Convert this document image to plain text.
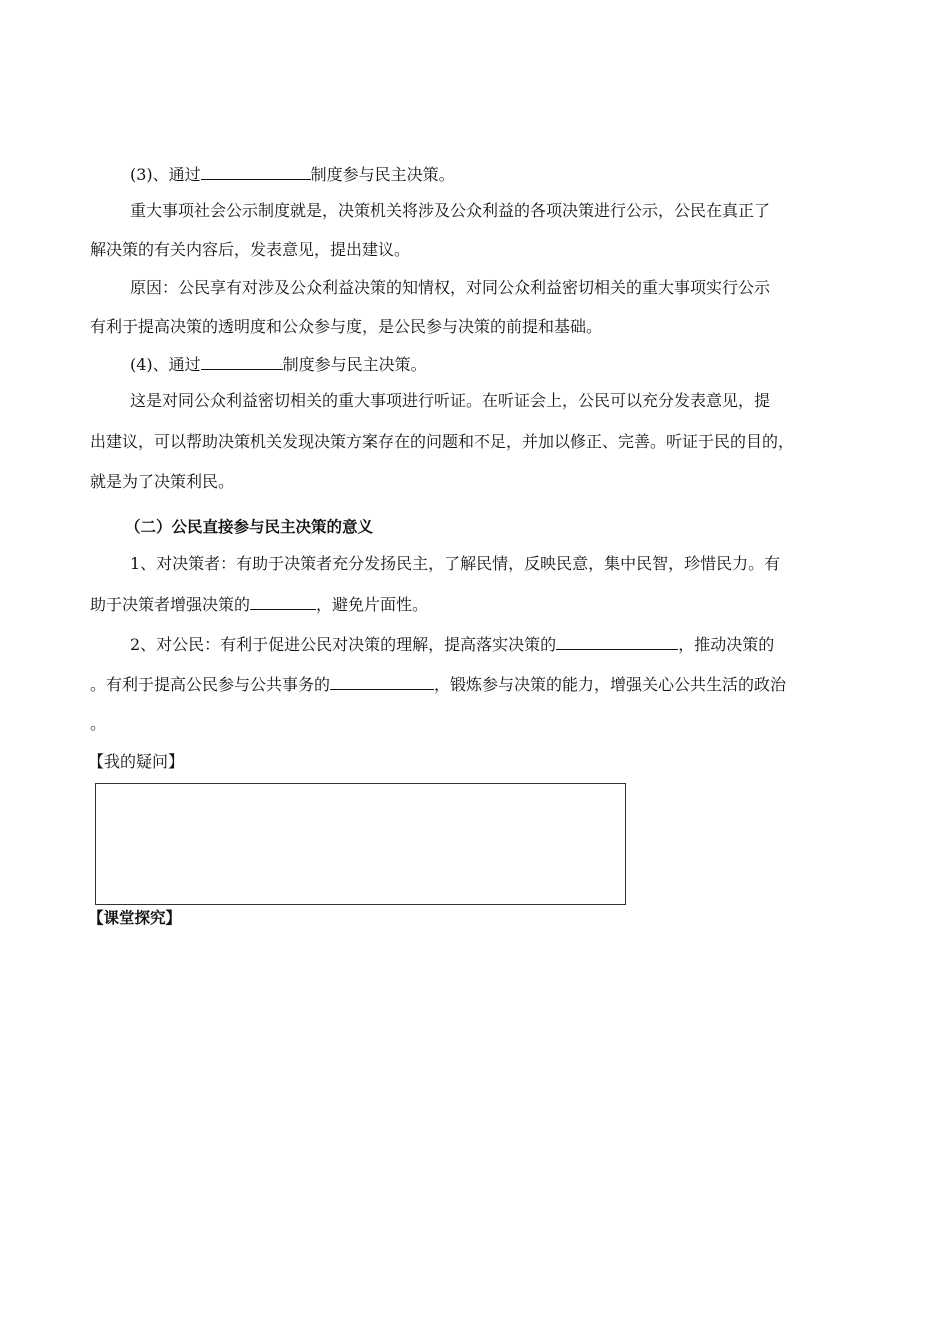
(3)、通过	制度参与民主决策。
重大事项社会公示制度就是，决策机关将涉及公众利益的各项决策进行公示，公民在真正了
解决策的有关内容后，发表意见，提出建议。
原因：公民享有对涉及公众利益决策的知情权，对同公众利益密切相关的重大事项实行公示
有利于提高决策的透明度和公众参与度，是公民参与决策的前提和基础。
(4)、通过	制度参与民主决策。
这是对同公众利益密切相关的重大事项进行听证。在听证会上，公民可以充分发表意见，提
出建议，可以帮助决策机关发现决策方案存在的问题和不足，并加以修正、完善。听证于民的目的，
就是为了决策利民。
（二）公民直接参与民主决策的意义
1、对决策者：有助于决策者充分发扬民主，了解民情，反映民意，集中民智，珍惜民力。有
助于决策者增强决策的	，避免片面性。
2、对公民：有利于促进公民对决策的理解，提高落实决策的	，推动决策的
。有利于提高公民参与公共事务的	，锻炼参与决策的能力，增强关心公共生活的政治
。
【我的疑问】
【课堂探究】
